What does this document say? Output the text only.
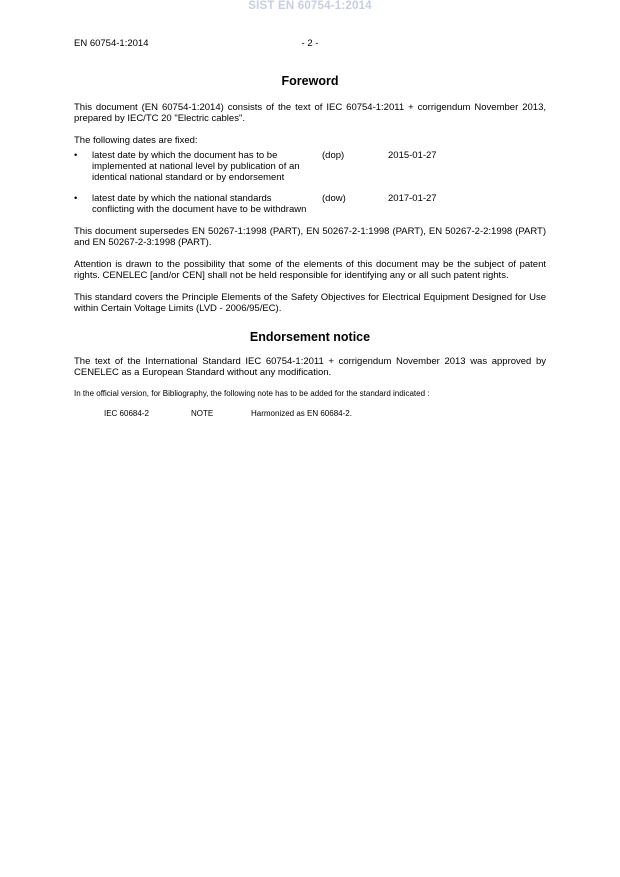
SIST EN 60754-1:2014
EN 60754-1:2014	- 2 -
Foreword

This document (EN 60754-1:2014) consists of the text of IEC 60754-1:2011 + corrigendum November 2013, prepared by IEC/TC 20 "Electric cables".

The following dates are fixed:

•	latest date by which the document has to be implemented at national level by publication of an identical national standard or by endorsement	(dop)	2015-01-27
•	latest date by which the national standards conflicting with the document have to be withdrawn	(dow)	2017-01-27

This document supersedes EN 50267-1:1998 (PART), EN 50267-2-1:1998 (PART), EN 50267-2-2:1998 (PART) and EN 50267-2-3:1998 (PART).

Attention is drawn to the possibility that some of the elements of this document may be the subject of patent rights. CENELEC [and/or CEN] shall not be held responsible for identifying any or all such patent rights.

This standard covers the Principle Elements of the Safety Objectives for Electrical Equipment Designed for Use within Certain Voltage Limits (LVD - 2006/95/EC).

Endorsement notice

The text of the International Standard IEC 60754-1:2011 + corrigendum November 2013 was approved by CENELEC as a European Standard without any modification.

In the official version, for Bibliography, the following note has to be added for the standard indicated :

IEC 60684-2	NOTE	Harmonized as EN 60684-2.
